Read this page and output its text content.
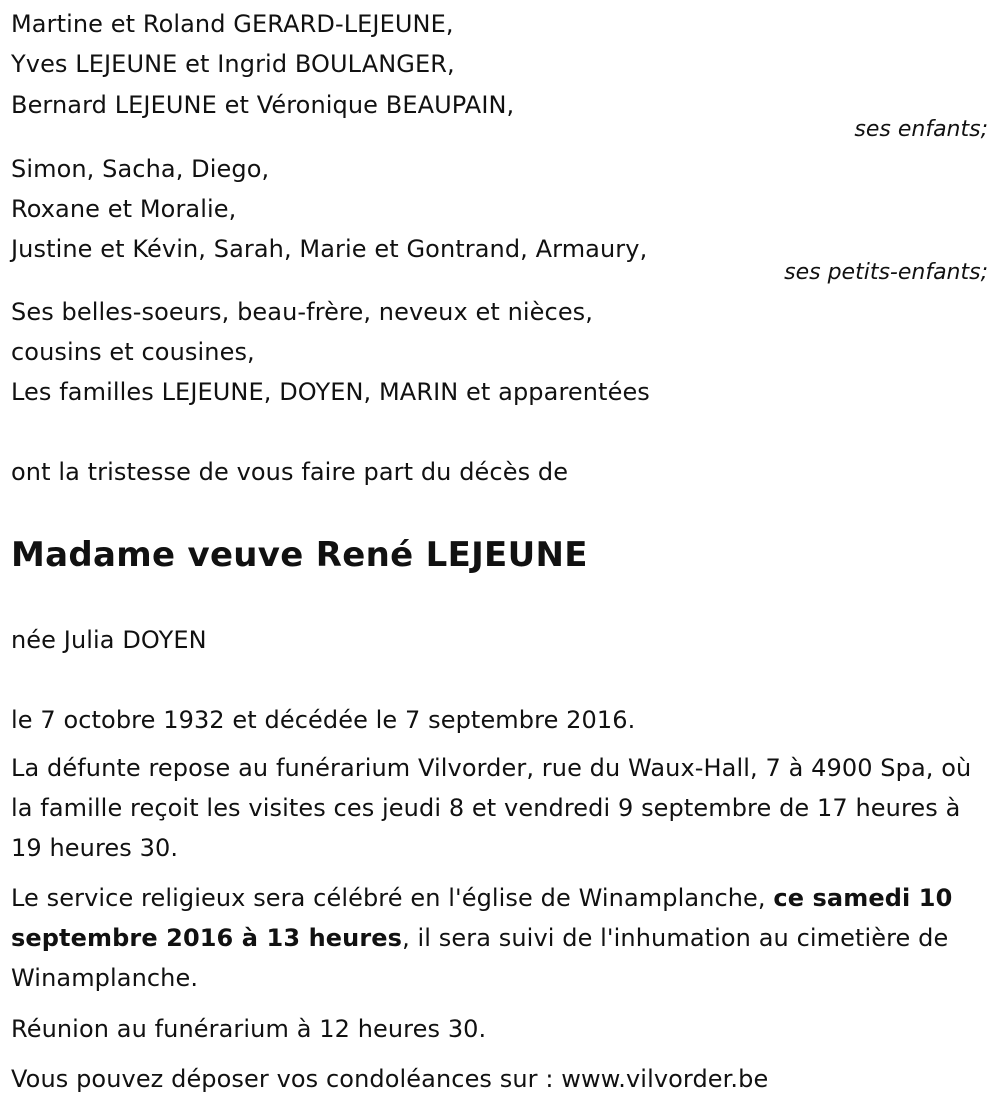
Martine et Roland GERARD-LEJEUNE,
Yves LEJEUNE et Ingrid BOULANGER,
Bernard LEJEUNE et Véronique BEAUPAIN,
ses enfants;
Simon, Sacha, Diego,
Roxane et Moralie,
Justine et Kévin, Sarah, Marie et Gontrand, Armaury,
ses petits-enfants;
Ses belles-soeurs, beau-frère, neveux et nièces,
cousins et cousines,
Les familles LEJEUNE, DOYEN, MARIN et apparentées
ont la tristesse de vous faire part du décès de
Madame veuve René LEJEUNE
née Julia DOYEN
le 7 octobre 1932 et décédée le 7 septembre 2016.
La défunte repose au funérarium Vilvorder, rue du Waux-Hall, 7 à 4900 Spa, où la famille reçoit les visites ces jeudi 8 et vendredi 9 septembre de 17 heures à 19 heures 30.
Le service religieux sera célébré en l'église de Winamplanche, ce samedi 10 septembre 2016 à 13 heures, il sera suivi de l'inhumation au cimetière de Winamplanche.
Réunion au funérarium à 12 heures 30.
Vous pouvez déposer vos condoléances sur : www.vilvorder.be
